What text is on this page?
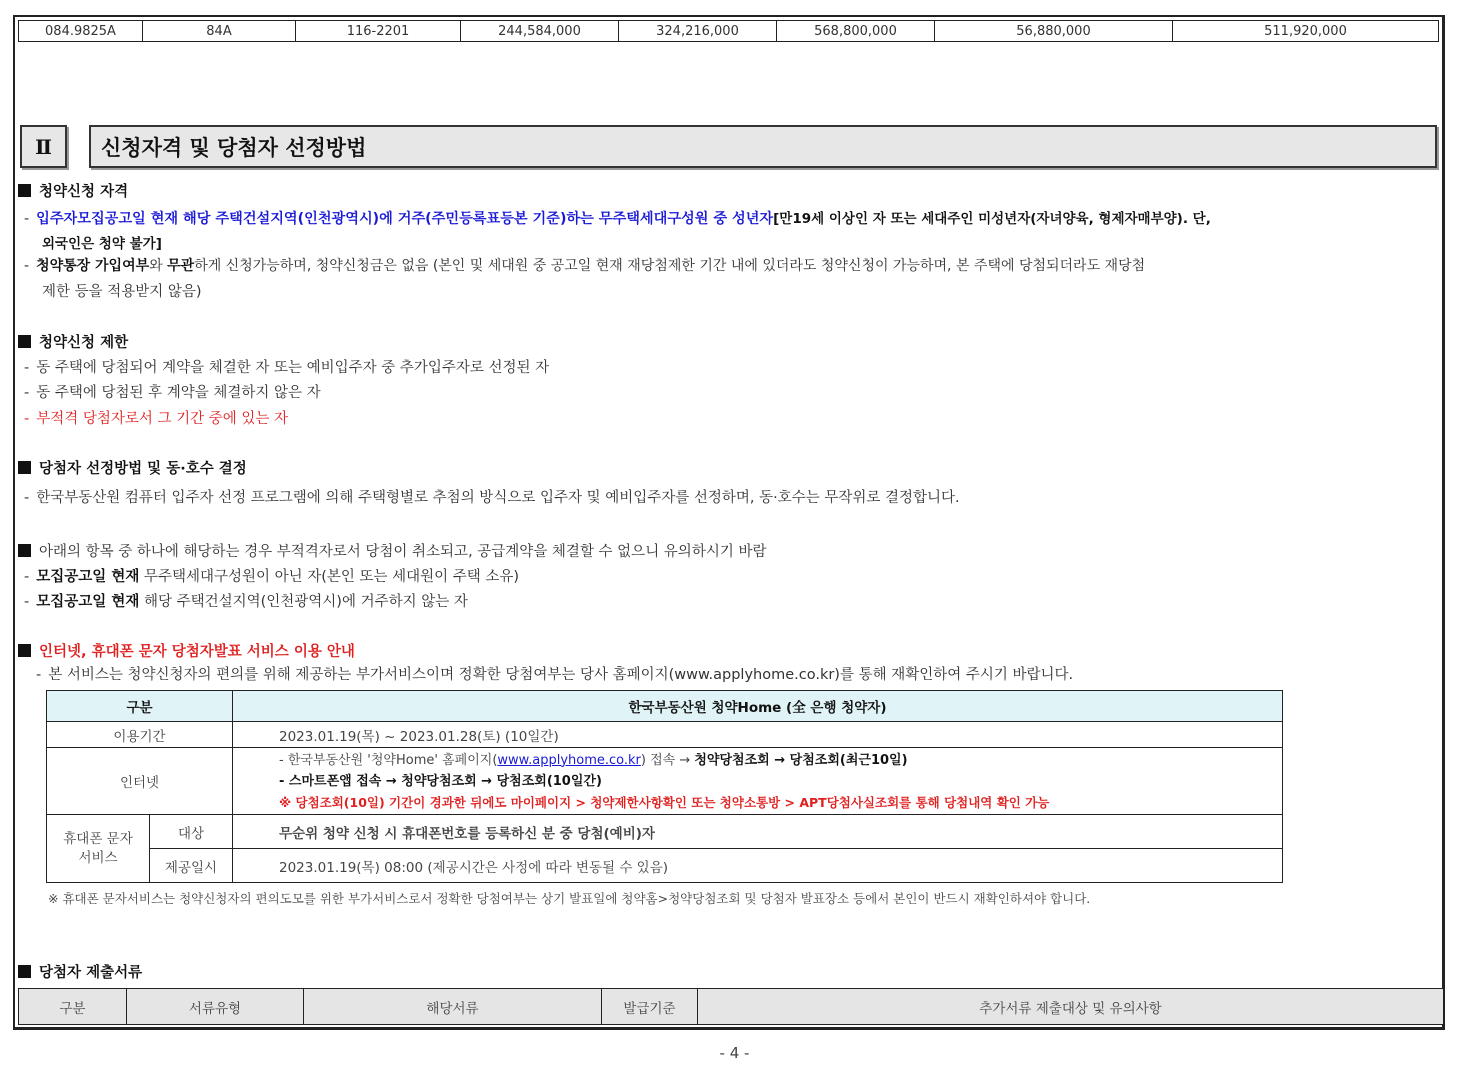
084.9825A	84A	116-2201	244,584,000	324,216,000	568,800,000	56,880,000	511,920,000
Ⅱ	신청자격 및 당첨자 선정방법
청약신청 자격
- 입주자모집공고일 현재 해당 주택건설지역(인천광역시)에 거주(주민등록표등본 기준)하는 무주택세대구성원 중 성년자[만19세 이상인 자 또는 세대주인 미성년자(자녀양육, 형제자매부양). 단,
외국인은 청약 불가]
- 청약통장 가입여부와 무관하게 신청가능하며, 청약신청금은 없음 (본인 및 세대원 중 공고일 현재 재당첨제한 기간 내에 있더라도 청약신청이 가능하며, 본 주택에 당첨되더라도 재당첨
제한 등을 적용받지 않음)
청약신청 제한
- 동 주택에 당첨되어 계약을 체결한 자 또는 예비입주자 중 추가입주자로 선정된 자
- 동 주택에 당첨된 후 계약을 체결하지 않은 자
- 부적격 당첨자로서 그 기간 중에 있는 자
당첨자 선정방법 및 동·호수 결정
- 한국부동산원 컴퓨터 입주자 선정 프로그램에 의해 주택형별로 추첨의 방식으로 입주자 및 예비입주자를 선정하며, 동·호수는 무작위로 결정합니다.
아래의 항목 중 하나에 해당하는 경우 부적격자로서 당첨이 취소되고, 공급계약을 체결할 수 없으니 유의하시기 바람
- 모집공고일 현재 무주택세대구성원이 아닌 자(본인 또는 세대원이 주택 소유)
- 모집공고일 현재 해당 주택건설지역(인천광역시)에 거주하지 않는 자
인터넷, 휴대폰 문자 당첨자발표 서비스 이용 안내
- 본 서비스는 청약신청자의 편의를 위해 제공하는 부가서비스이며 정확한 당첨여부는 당사 홈페이지(www.applyhome.co.kr)를 통해 재확인하여 주시기 바랍니다.
구분		한국부동산원 청약Home (全 은행 청약자)
이용기간		2023.01.19(목) ~ 2023.01.28(토) (10일간)
인터넷		- 한국부동산원 '청약Home' 홈페이지(www.applyhome.co.kr) 접속 → 청약당첨조회 → 당첨조회(최근10일)
- 스마트폰앱 접속 → 청약당첨조회 → 당첨조회(10일간)
※ 당첨조회(10일) 기간이 경과한 뒤에도 마이페이지 > 청약제한사항확인 또는 청약소통방 > APT당첨사실조회를 통해 당첨내역 확인 가능

휴대폰 문자서비스	대상	무순위 청약 신청 시 휴대폰번호를 등록하신 분 중 당첨(예비)자
	제공일시	2023.01.19(목) 08:00 (제공시간은 사정에 따라 변동될 수 있음)
※ 휴대폰 문자서비스는 청약신청자의 편의도모를 위한 부가서비스로서 정확한 당첨여부는 상기 발표일에 청약홈>청약당첨조회 및 당첨자 발표장소 등에서 본인이 반드시 재확인하셔야 합니다.
당첨자 제출서류
구분	서류유형	해당서류	발급기준	추가서류 제출대상 및 유의사항
- 4 -
